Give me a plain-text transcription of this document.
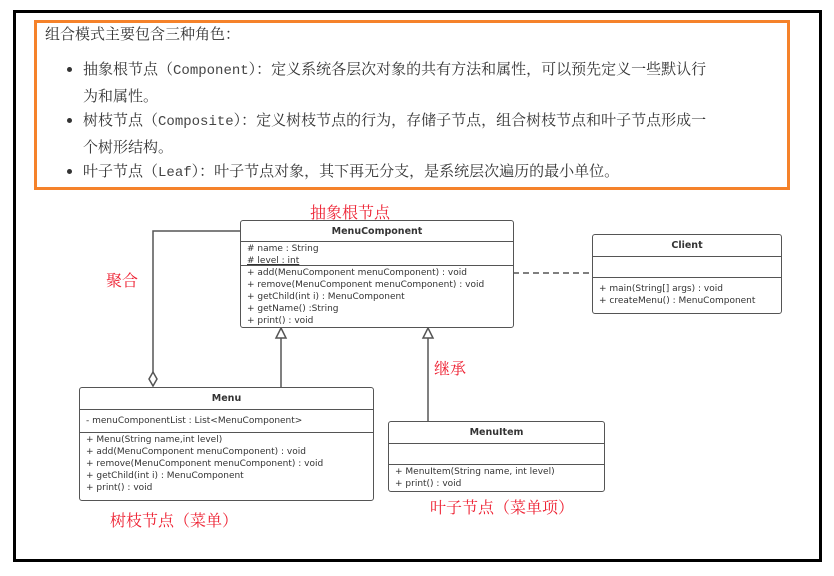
组合模式主要包含三种角色：
抽象根节点（Component）：定义系统各层次对象的共有方法和属性，可以预先定义一些默认行
为和属性。
树枝节点（Composite）：定义树枝节点的行为，存储子节点，组合树枝节点和叶子节点形成一
个树形结构。
叶子节点（Leaf）：叶子节点对象，其下再无分支，是系统层次遍历的最小单位。
MenuComponent
# name : String
# level : int
+ add(MenuComponent menuComponent) : void
+ remove(MenuComponent menuComponent) : void
+ getChild(int i) : MenuComponent
+ getName() :String
+ print() : void
Client
+ main(String[] args) : void
+ createMenu() : MenuComponent
Menu
- menuComponentList : List<MenuComponent>
+ Menu(String name,int level)
+ add(MenuComponent menuComponent) : void
+ remove(MenuComponent menuComponent) : void
+ getChild(int i) : MenuComponent
+ print() : void
MenuItem
+ MenuItem(String name, int level)
+ print() : void
抽象根节点
聚合
继承
树枝节点（菜单）
叶子节点（菜单项）
